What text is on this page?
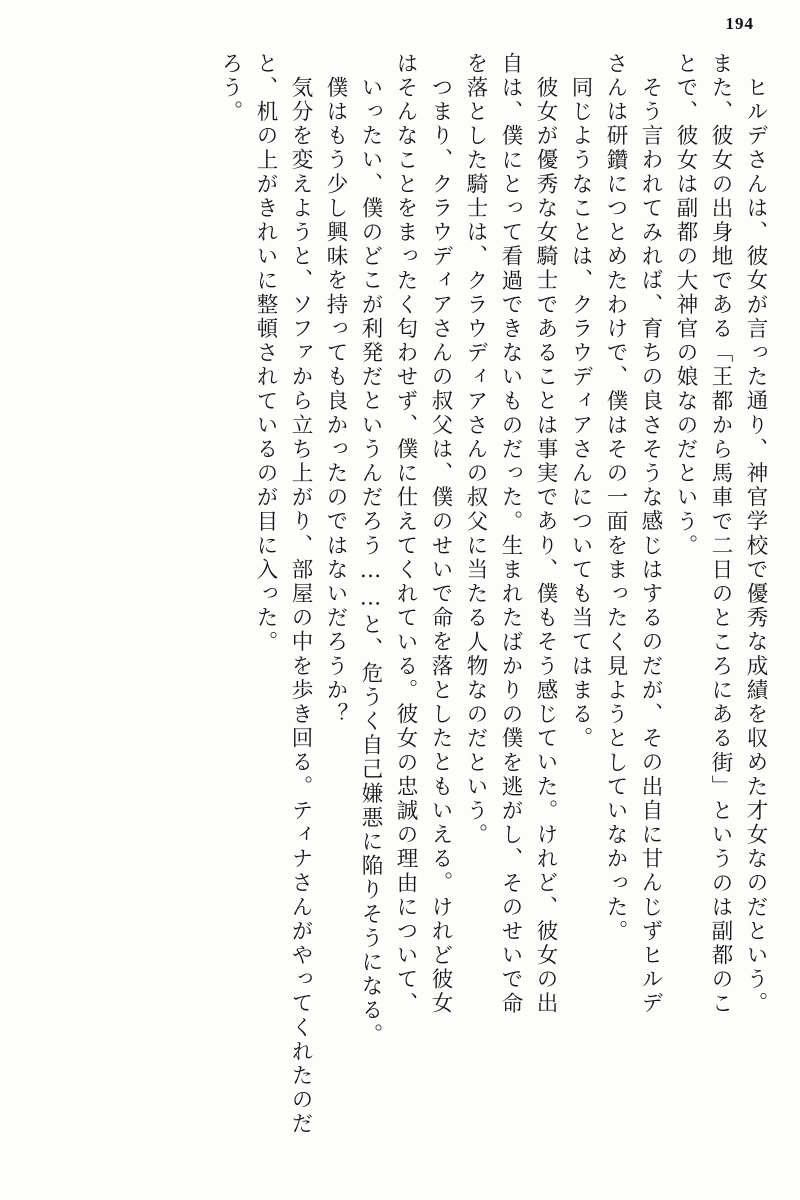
194
ヒルデさんは、彼女が言った通り、神官学校で優秀な成績を収めた才女なのだという。
また、彼女の出身地である「王都から馬車で二日のところにある街」というのは副都のこ
とで、彼女は副都の大神官の娘なのだという。
そう言われてみれば、育ちの良さそうな感じはするのだが、その出自に甘んじずヒルデ
さんは研鑽につとめたわけで、僕はその一面をまったく見ようとしていなかった。
同じようなことは、クラウディアさんについても当てはまる。
彼女が優秀な女騎士であることは事実であり、僕もそう感じていた。けれど、彼女の出
自は、僕にとって看過できないものだった。生まれたばかりの僕を逃がし、そのせいで命
を落とした騎士は、クラウディアさんの叔父に当たる人物なのだという。
つまり、クラウディアさんの叔父は、僕のせいで命を落としたともいえる。けれど彼女
はそんなことをまったく匂わせず、僕に仕えてくれている。彼女の忠誠の理由について、
いったい、僕のどこが利発だというんだろう……と、危うく自己嫌悪に陥りそうになる。
僕はもう少し興味を持っても良かったのではないだろうか？
気分を変えようと、ソファから立ち上がり、部屋の中を歩き回る。ティナさんがやってくれたのだ
と、机の上がきれいに整頓されているのが目に入った。
ろう。
